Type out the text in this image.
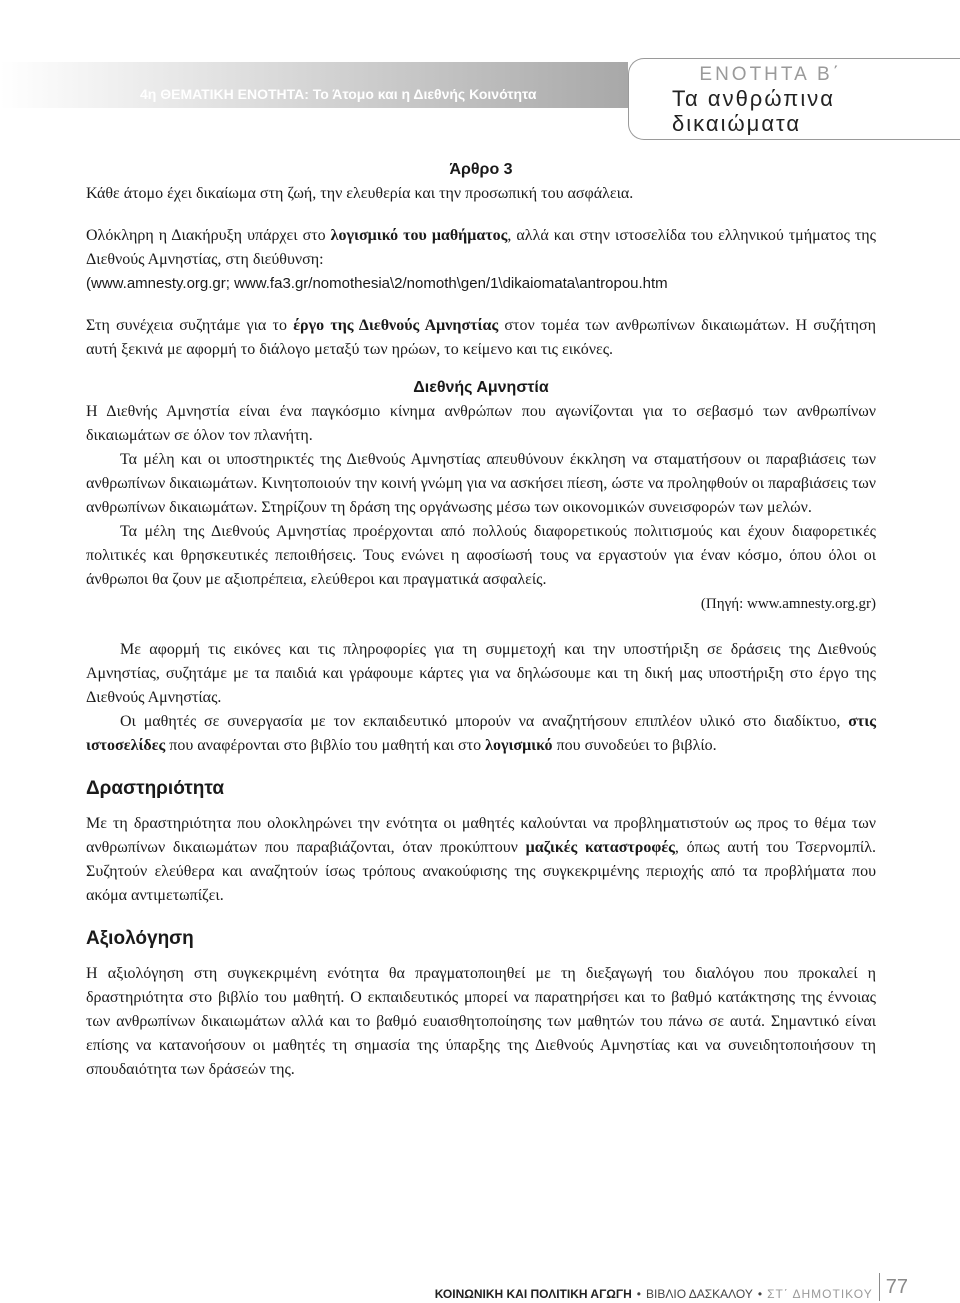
4η ΘΕΜΑΤΙΚΗ ΕΝΟΤΗΤΑ: Το Άτομο και η Διεθνής Κοινότητα
ΕΝΟΤΗΤΑ Β΄
Τα ανθρώπινα δικαιώματα
Άρθρο 3

Κάθε άτομο έχει δικαίωμα στη ζωή, την ελευθερία και την προσωπική του ασφάλεια.

Ολόκληρη η Διακήρυξη υπάρχει στο λογισμικό του μαθήματος, αλλά και στην ιστοσελίδα του ελληνικού τμήματος της Διεθνούς Αμνηστίας, στη διεύθυνση:

(www.amnesty.org.gr; www.fa3.gr/nomothesia\2/nomoth\gen/1\dikaiomata\antropou.htm

Στη συνέχεια συζητάμε για το έργο της Διεθνούς Αμνηστίας στον τομέα των ανθρωπίνων δικαιωμάτων. Η συζήτηση αυτή ξεκινά με αφορμή το διάλογο μεταξύ των ηρώων, το κείμενο και τις εικόνες.

Διεθνής Αμνηστία

Η Διεθνής Αμνηστία είναι ένα παγκόσμιο κίνημα ανθρώπων που αγωνίζονται για το σεβασμό των ανθρωπίνων δικαιωμάτων σε όλον τον πλανήτη.

Τα μέλη και οι υποστηρικτές της Διεθνούς Αμνηστίας απευθύνουν έκκληση να σταματήσουν οι παραβιάσεις των ανθρωπίνων δικαιωμάτων. Κινητοποιούν την κοινή γνώμη για να ασκήσει πίεση, ώστε να προληφθούν οι παραβιάσεις των ανθρωπίνων δικαιωμάτων. Στηρίζουν τη δράση της οργάνωσης μέσω των οικονομικών συνεισφορών των μελών.

Τα μέλη της Διεθνούς Αμνηστίας προέρχονται από πολλούς διαφορετικούς πολιτισμούς και έχουν διαφορετικές πολιτικές και θρησκευτικές πεποιθήσεις. Τους ενώνει η αφοσίωσή τους να εργαστούν για έναν κόσμο, όπου όλοι οι άνθρωποι θα ζουν με αξιοπρέπεια, ελεύθεροι και πραγματικά ασφαλείς.

(Πηγή: www.amnesty.org.gr)

Με αφορμή τις εικόνες και τις πληροφορίες για τη συμμετοχή και την υποστήριξη σε δράσεις της Διεθνούς Αμνηστίας, συζητάμε με τα παιδιά και γράφουμε κάρτες για να δηλώσουμε και τη δική μας υποστήριξη στο έργο της Διεθνούς Αμνηστίας.

Οι μαθητές σε συνεργασία με τον εκπαιδευτικό μπορούν να αναζητήσουν επιπλέον υλικό στο διαδίκτυο, στις ιστοσελίδες που αναφέρονται στο βιβλίο του μαθητή και στο λογισμικό που συνοδεύει το βιβλίο.

Δραστηριότητα

Με τη δραστηριότητα που ολοκληρώνει την ενότητα οι μαθητές καλούνται να προβληματιστούν ως προς το θέμα των ανθρωπίνων δικαιωμάτων που παραβιάζονται, όταν προκύπτουν μαζικές καταστροφές, όπως αυτή του Τσερνομπίλ. Συζητούν ελεύθερα και αναζητούν ίσως τρόπους ανακούφισης της συγκεκριμένης περιοχής από τα προβλήματα που ακόμα αντιμετωπίζει.

Αξιολόγηση

Η αξιολόγηση στη συγκεκριμένη ενότητα θα πραγματοποιηθεί με τη διεξαγωγή του διαλόγου που προκαλεί η δραστηριότητα στο βιβλίο του μαθητή. Ο εκπαιδευτικός μπορεί να παρατηρήσει και το βαθμό κατάκτησης της έννοιας των ανθρωπίνων δικαιωμάτων αλλά και το βαθμό ευαισθητοποίησης των μαθητών του πάνω σε αυτά. Σημαντικό είναι επίσης να κατανοήσουν οι μαθητές τη σημασία της ύπαρξης της Διεθνούς Αμνηστίας και να συνειδητοποιήσουν τη σπουδαιότητα των δράσεών της.

ΚΟΙΝΩΝΙΚΗ ΚΑΙ ΠΟΛΙΤΙΚΗ ΑΓΩΓΗ • ΒΙΒΛΙΟ ΔΑΣΚΑΛΟΥ • ΣΤ΄ ΔΗΜΟΤΙΚΟΥ 77
